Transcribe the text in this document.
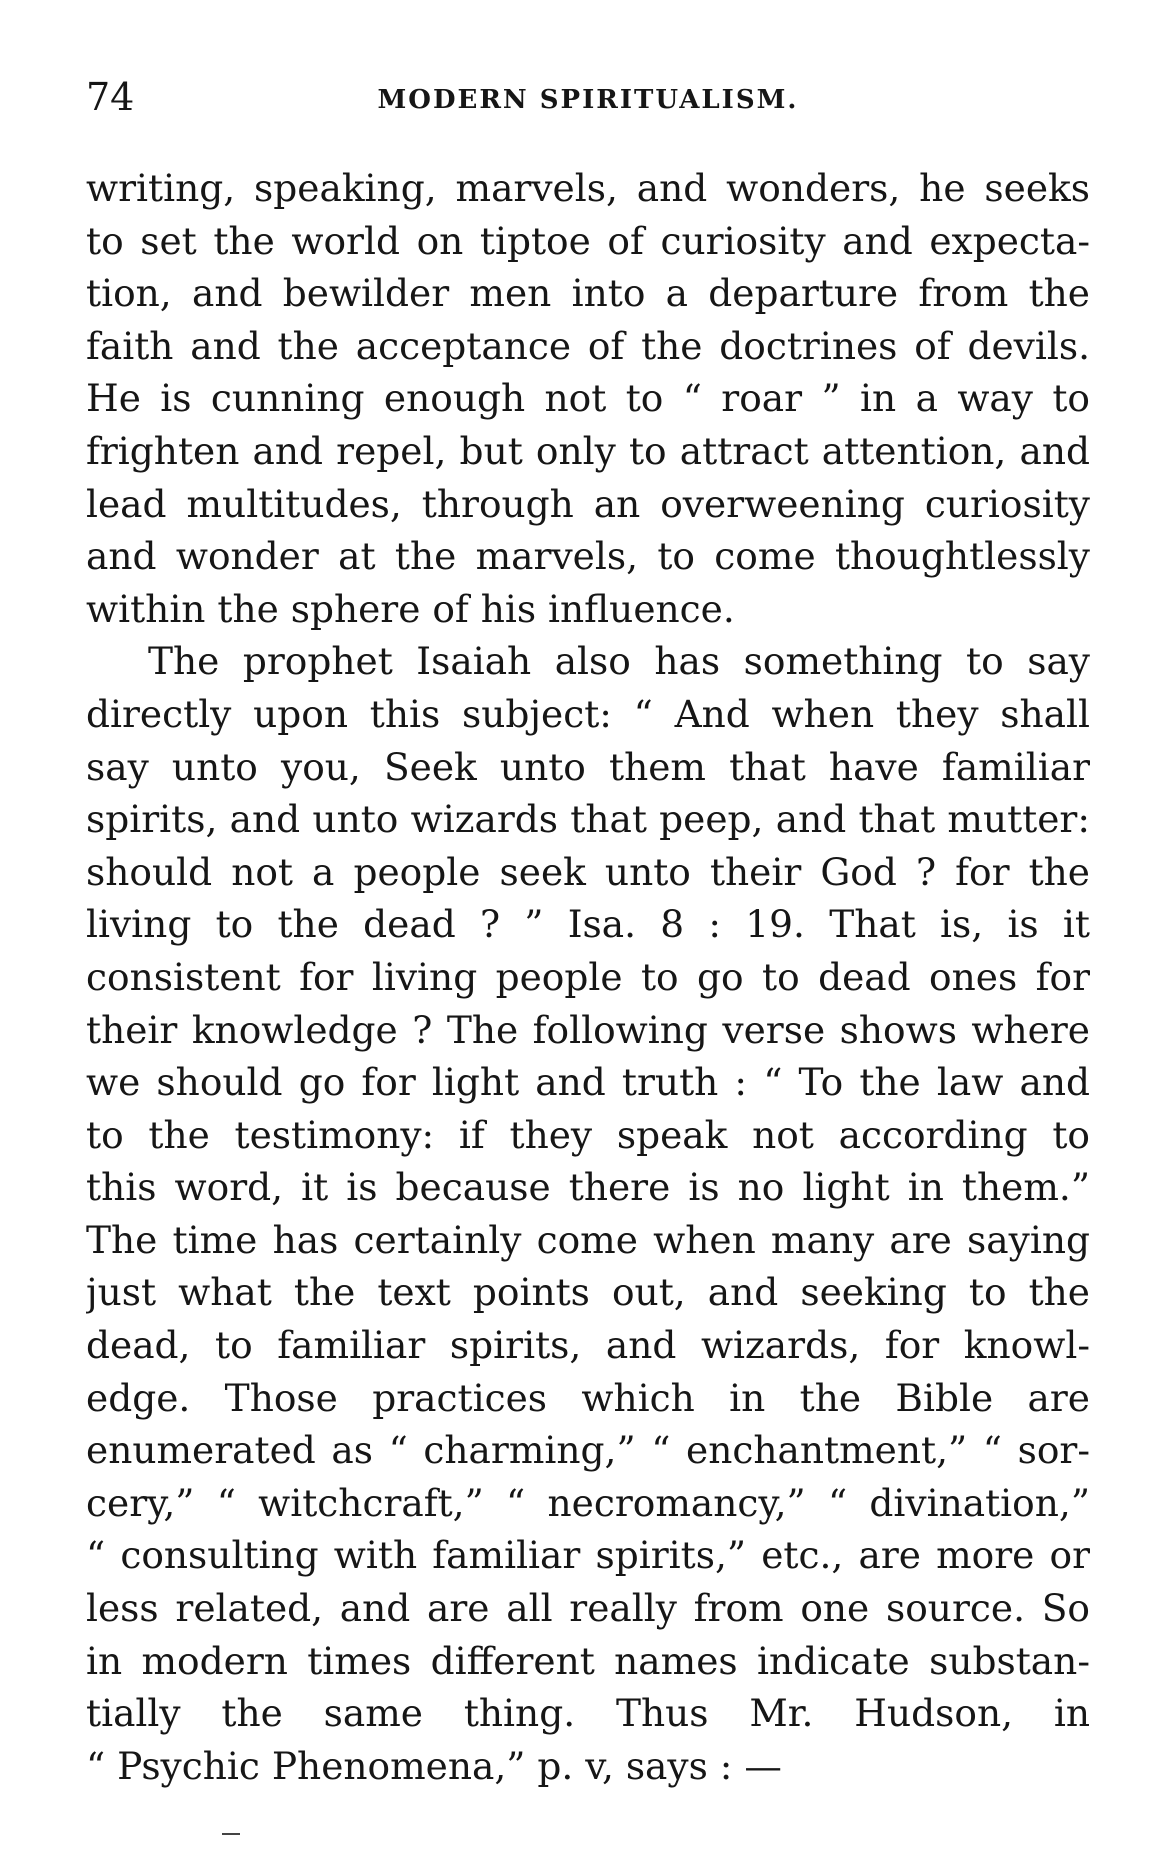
74	MODERN SPIRITUALISM.
writing, speaking, marvels, and wonders, he seeks
to set the world on tiptoe of curiosity and expecta-
tion, and bewilder men into a departure from the
faith and the acceptance of the doctrines of devils.
He is cunning enough not to “ roar ” in a way to
frighten and repel, but only to attract attention, and
lead multitudes, through an overweening curiosity
and wonder at the marvels, to come thoughtlessly
within the sphere of his influence.
The prophet Isaiah also has something to say
directly upon this subject: “ And when they shall
say unto you, Seek unto them that have familiar
spirits, and unto wizards that peep, and that mutter:
should not a people seek unto their God ? for the
living to the dead ? ” Isa. 8 : 19. That is, is it
consistent for living people to go to dead ones for
their knowledge ? The following verse shows where
we should go for light and truth : “ To the law and
to the testimony: if they speak not according to
this word, it is because there is no light in them.”
The time has certainly come when many are saying
just what the text points out, and seeking to the
dead, to familiar spirits, and wizards, for knowl-
edge. Those practices which in the Bible are
enumerated as “ charming,” “ enchantment,” “ sor-
cery,” “ witchcraft,” “ necromancy,” “ divination,”
“ consulting with familiar spirits,” etc., are more or
less related, and are all really from one source. So
in modern times different names indicate substan-
tially the same thing. Thus Mr. Hudson, in
“ Psychic Phenomena,” p. v, says : —
